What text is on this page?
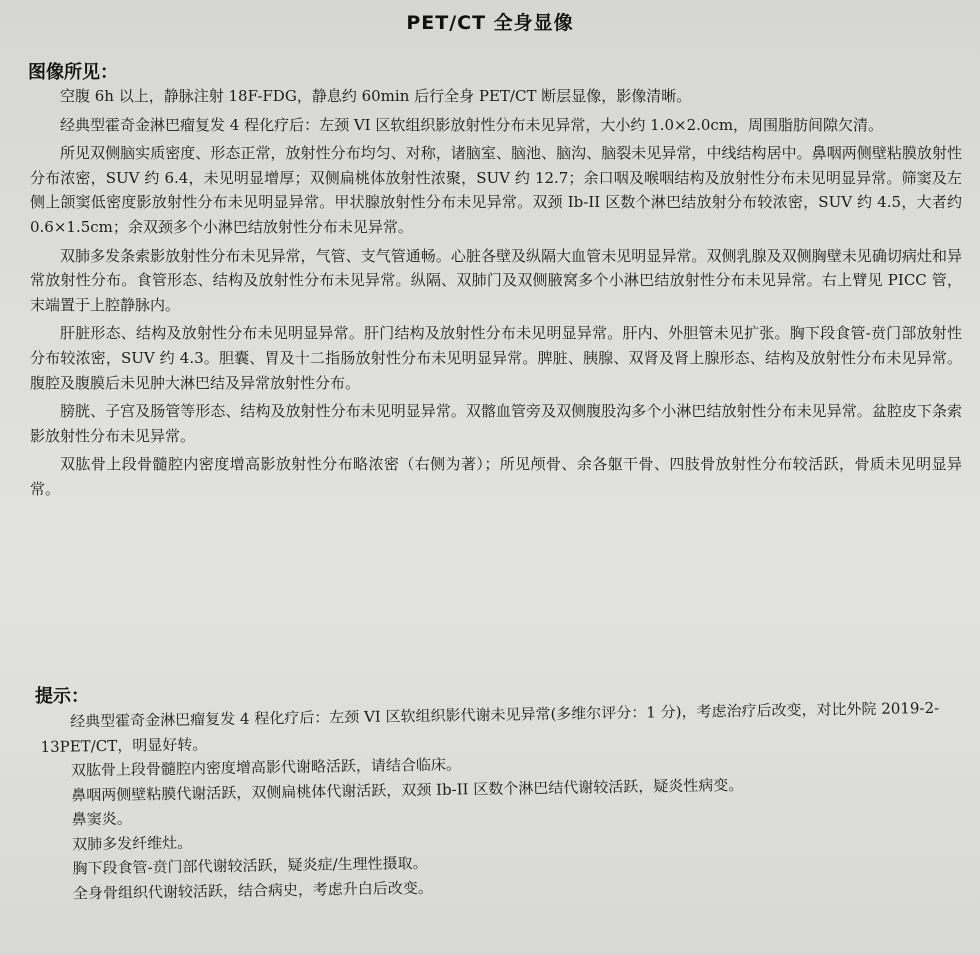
PET/CT 全身显像
图像所见：

空腹 6h 以上，静脉注射 18F-FDG，静息约 60min 后行全身 PET/CT 断层显像，影像清晰。

经典型霍奇金淋巴瘤复发 4 程化疗后：左颈 VI 区软组织影放射性分布未见异常，大小约 1.0×2.0cm，周围脂肪间隙欠清。

所见双侧脑实质密度、形态正常，放射性分布均匀、对称，诸脑室、脑池、脑沟、脑裂未见异常，中线结构居中。鼻咽两侧壁粘膜放射性分布浓密，SUV 约 6.4，未见明显增厚；双侧扁桃体放射性浓聚，SUV 约 12.7；余口咽及喉咽结构及放射性分布未见明显异常。筛窦及左侧上颌窦低密度影放射性分布未见明显异常。甲状腺放射性分布未见异常。双颈 Ib-II 区数个淋巴结放射分布较浓密，SUV 约 4.5，大者约 0.6×1.5cm；余双颈多个小淋巴结放射性分布未见异常。

双肺多发条索影放射性分布未见异常，气管、支气管通畅。心脏各壁及纵隔大血管未见明显异常。双侧乳腺及双侧胸壁未见确切病灶和异常放射性分布。食管形态、结构及放射性分布未见异常。纵隔、双肺门及双侧腋窝多个小淋巴结放射性分布未见异常。右上臂见 PICC 管，末端置于上腔静脉内。

肝脏形态、结构及放射性分布未见明显异常。肝门结构及放射性分布未见明显异常。肝内、外胆管未见扩张。胸下段食管-贲门部放射性分布较浓密，SUV 约 4.3。胆囊、胃及十二指肠放射性分布未见明显异常。脾脏、胰腺、双肾及肾上腺形态、结构及放射性分布未见异常。腹腔及腹膜后未见肿大淋巴结及异常放射性分布。

膀胱、子宫及肠管等形态、结构及放射性分布未见明显异常。双髂血管旁及双侧腹股沟多个小淋巴结放射性分布未见异常。盆腔皮下条索影放射性分布未见异常。

双肱骨上段骨髓腔内密度增高影放射性分布略浓密（右侧为著）；所见颅骨、余各躯干骨、四肢骨放射性分布较活跃，骨质未见明显异常。

提示：

经典型霍奇金淋巴瘤复发 4 程化疗后：左颈 VI 区软组织影代谢未见异常(多维尔评分：1 分)，考虑治疗后改变，对比外院 2019-2-13PET/CT，明显好转。

双肱骨上段骨髓腔内密度增高影代谢略活跃，请结合临床。

鼻咽两侧壁粘膜代谢活跃，双侧扁桃体代谢活跃，双颈 Ib-II 区数个淋巴结代谢较活跃，疑炎性病变。

鼻窦炎。

双肺多发纤维灶。

胸下段食管-贲门部代谢较活跃，疑炎症/生理性摄取。

全身骨组织代谢较活跃，结合病史，考虑升白后改变。
